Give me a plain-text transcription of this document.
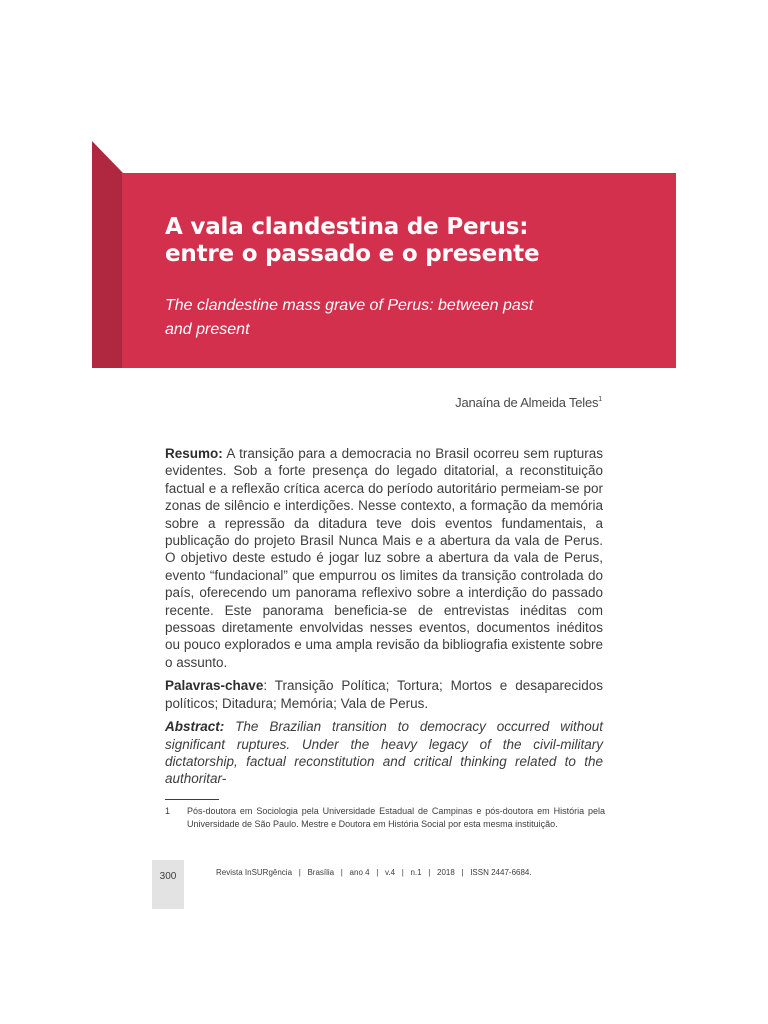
A vala clandestina de Perus:
entre o passado e o presente
The clandestine mass grave of Perus: between past
and present
Janaína de Almeida Teles$^1$

Resumo: A transição para a democracia no Brasil ocorreu sem rupturas evidentes. Sob a forte presença do legado ditatorial, a reconstituição factual e a reflexão crítica acerca do período autoritário permeiam-se por zonas de silêncio e interdições. Nesse contexto, a formação da memória sobre a repressão da ditadura teve dois eventos fundamentais, a publicação do projeto Brasil Nunca Mais e a abertura da vala de Perus. O objetivo deste estudo é jogar luz sobre a abertura da vala de Perus, evento “fundacional” que empurrou os limites da transição controlada do país, oferecendo um panorama reflexivo sobre a interdição do passado recente. Este panorama beneficia-se de entrevistas inéditas com pessoas diretamente envolvidas nesses eventos, documentos inéditos ou pouco explorados e uma ampla revisão da bibliografia existente sobre o assunto.

Palavras-chave: Transição Política; Tortura; Mortos e desaparecidos políticos; Ditadura; Memória; Vala de Perus.

Abstract: The Brazilian transition to democracy occurred without significant ruptures. Under the heavy legacy of the civil-military dictatorship, factual reconstitution and critical thinking related to the authoritar-

1 Pós-doutora em Sociologia pela Universidade Estadual de Campinas e pós-doutora em História pela Universidade de São Paulo. Mestre e Doutora em História Social por esta mesma instituição.
300	Revista InSURgência   |   Brasília   |   ano 4   |   v.4   |   n.1   |   2018   |   ISSN 2447-6684.
